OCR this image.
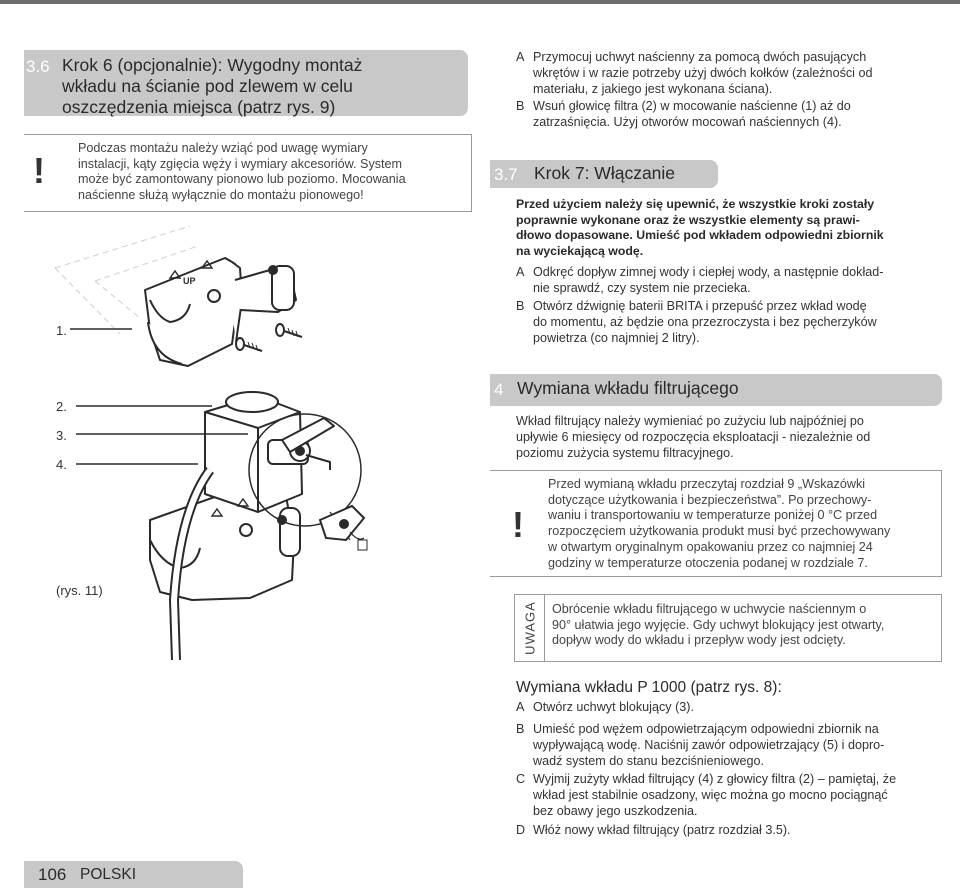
3.6 Krok 6 (opcjonalnie): Wygodny montaż
wkładu na ścianie pod zlewem w celu
oszczędzenia miejsca (patrz rys. 9)
!
Podczas montażu należy wziąć pod uwagę wymiary
instalacji, kąty zgięcia węży i wymiary akcesoriów. System
może być zamontowany pionowo lub poziomo. Mocowania
naścienne służą wyłącznie do montażu pionowego!
UP
1.
2.
3.
4.
(rys. 11)
A Przymocuj uchwyt naścienny za pomocą dwóch pasujących
wkrętów i w razie potrzeby użyj dwóch kołków (zależności od
materiału, z jakiego jest wykonana ściana).
B Wsuń głowicę filtra (2) w mocowanie naścienne (1) aż do
zatrzaśnięcia. Użyj otworów mocowań naściennych (4).
3.7 Krok 7: Włączanie
Przed użyciem należy się upewnić, że wszystkie kroki zostały
poprawnie wykonane oraz że wszystkie elementy są prawi-
dłowo dopasowane. Umieść pod wkładem odpowiedni zbiornik
na wyciekającą wodę.
A Odkręć dopływ zimnej wody i ciepłej wody, a następnie dokład-
nie sprawdź, czy system nie przecieka.
B Otwórz dźwignię baterii BRITA i przepuść przez wkład wodę
do momentu, aż będzie ona przezroczysta i bez pęcherzyków
powietrza (co najmniej 2 litry).
4 Wymiana wkładu filtrującego
Wkład filtrujący należy wymieniać po zużyciu lub najpóźniej po
upływie 6 miesięcy od rozpoczęcia eksploatacji - niezależnie od
poziomu zużycia systemu filtracyjnego.
!
Przed wymianą wkładu przeczytaj rozdział 9 „Wskazówki
dotyczące użytkowania i bezpieczeństwa”. Po przechowy-
waniu i transportowaniu w temperaturze poniżej 0 °C przed
rozpoczęciem użytkowania produkt musi być przechowywany
w otwartym oryginalnym opakowaniu przez co najmniej 24
godziny w temperaturze otoczenia podanej w rozdziale 7.
UWAGA Obrócenie wkładu filtrującego w uchwycie naściennym o
90° ułatwia jego wyjęcie. Gdy uchwyt blokujący jest otwarty,
dopływ wody do wkładu i przepływ wody jest odcięty.
Wymiana wkładu P 1000 (patrz rys. 8):
A Otwórz uchwyt blokujący (3).
B Umieść pod wężem odpowietrzającym odpowiedni zbiornik na
wypływającą wodę. Naciśnij zawór odpowietrzający (5) i dopro-
wadź system do stanu bezciśnieniowego.
C Wyjmij zużyty wkład filtrujący (4) z głowicy filtra (2) – pamiętaj, że
wkład jest stabilnie osadzony, więc można go mocno pociągnąć
bez obawy jego uszkodzenia.
D Włóż nowy wkład filtrujący (patrz rozdział 3.5).
106 POLSKI
